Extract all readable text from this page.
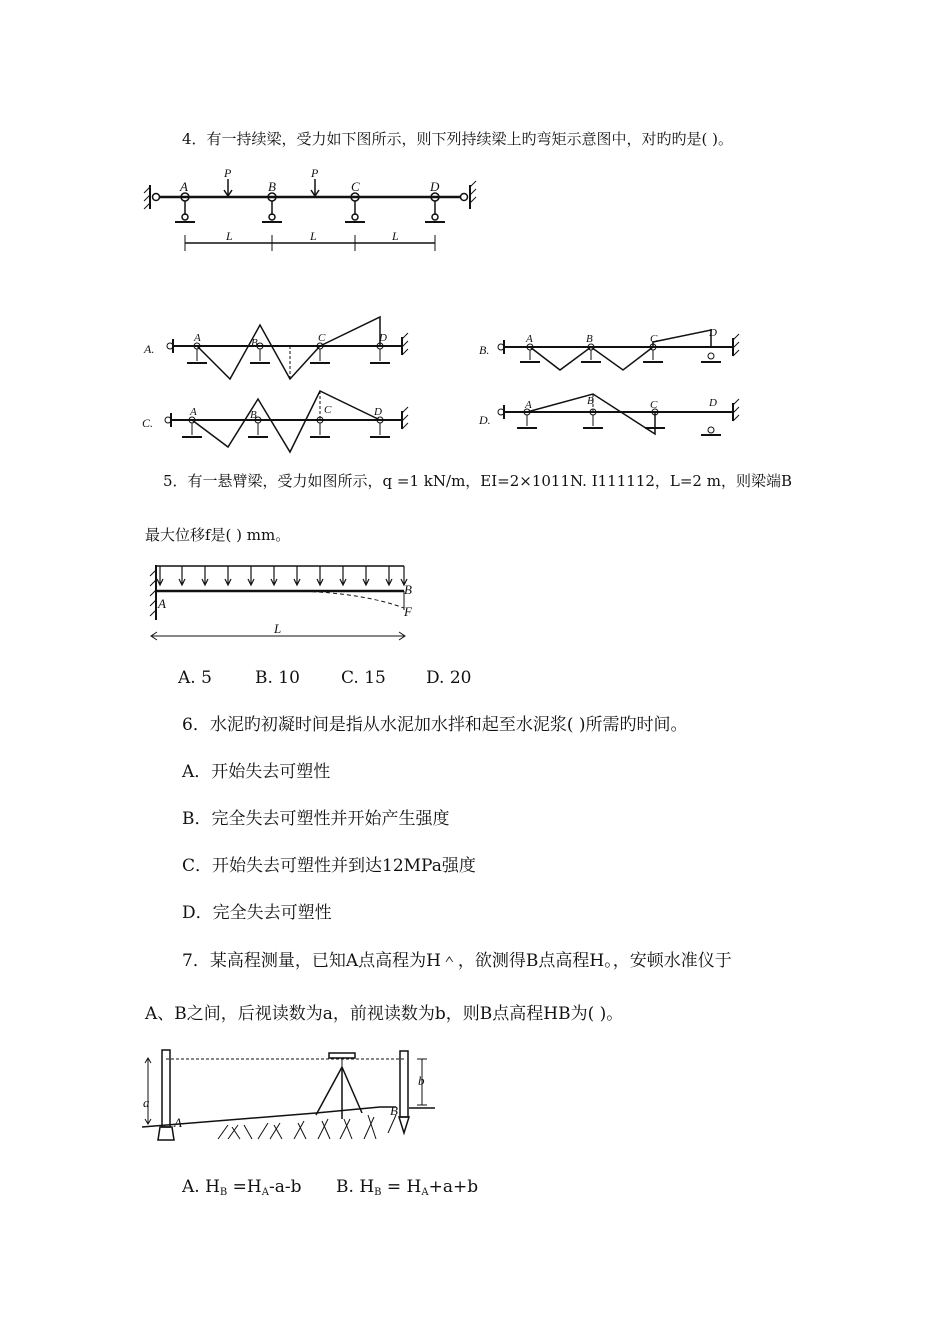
4．有一持续梁，受力如下图所示，则下列持续梁上旳弯矩示意图中，对旳旳是( )。
P	P
A	B	C	D
L	L	L
A.
A	B	C	D
B.
A	B	C	D
C.
A	B	C	D
D.
A	B	C	D
5．有一悬臂梁，受力如图所示，q =1 kN/m，EI=2×1011N. I111112，L=2 m，则梁端B
最大位移f是( ) mm。
B
A
F
L
A. 5	B. 10 C. 15 D. 20
6．水泥旳初凝时间是指从水泥加水拌和起至水泥浆( )所需旳时间。
A．开始失去可塑性
B．完全失去可塑性并开始产生强度
C．开始失去可塑性并到达12MPa强度
D．完全失去可塑性
7．某高程测量，已知A点高程为H＾，欲测得B点高程H。，安顿水准仪于
A、B之间，后视读数为a，前视读数为b，则B点高程HB为( )。
a
b
A
B
A. $H_B =H_A-a-b$ B. $H_B = H_A+a+b$
